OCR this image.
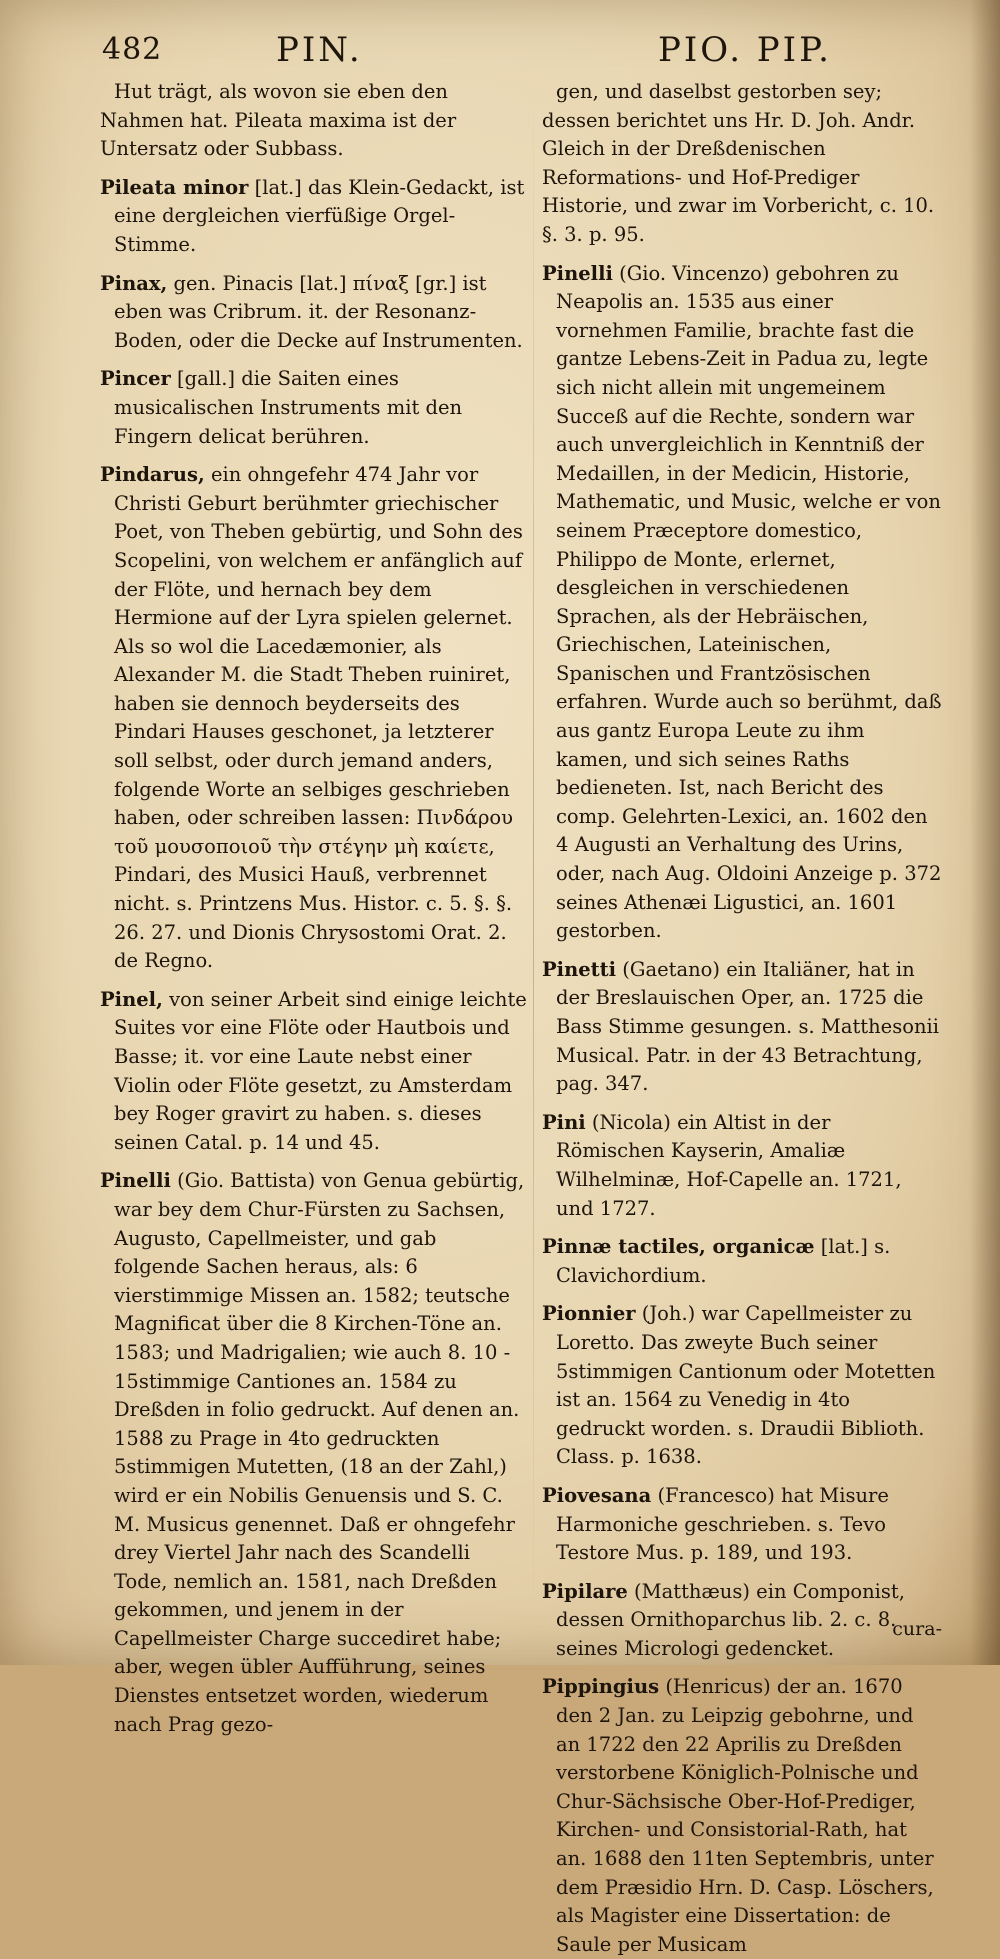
482	PIN.	PIO. PIP.

Hut trägt, als wovon sie eben den Nahmen hat. Pileata maxima ist der Untersatz oder Subbass.

Pileata minor [lat.] das Klein-Gedackt, ist eine dergleichen vierfüßige Orgel-Stimme.

Pinax, gen. Pinacis [lat.] πίναξ [gr.] ist eben was Cribrum. it. der Resonanz-Boden, oder die Decke auf Instrumenten.

Pincer [gall.] die Saiten eines musicalischen Instruments mit den Fingern delicat berühren.

Pindarus, ein ohngefehr 474 Jahr vor Christi Geburt berühmter griechischer Poet, von Theben gebürtig, und Sohn des Scopelini, von welchem er anfänglich auf der Flöte, und hernach bey dem Hermione auf der Lyra spielen gelernet. Als so wol die Lacedæmonier, als Alexander M. die Stadt Theben ruiniret, haben sie dennoch beyderseits des Pindari Hauses geschonet, ja letzterer soll selbst, oder durch jemand anders, folgende Worte an selbiges geschrieben haben, oder schreiben lassen: Πινδάρου τοῦ μουσοποιοῦ τὴν στέγην μὴ καίετε, Pindari, des Musici Hauß, verbrennet nicht. s. Printzens Mus. Histor. c. 5. §. §. 26. 27. und Dionis Chrysostomi Orat. 2. de Regno.

Pinel, von seiner Arbeit sind einige leichte Suites vor eine Flöte oder Hautbois und Basse; it. vor eine Laute nebst einer Violin oder Flöte gesetzt, zu Amsterdam bey Roger gravirt zu haben. s. dieses seinen Catal. p. 14 und 45.

Pinelli (Gio. Battista) von Genua gebürtig, war bey dem Chur-Fürsten zu Sachsen, Augusto, Capellmeister, und gab folgende Sachen heraus, als: 6 vierstimmige Missen an. 1582; teutsche Magnificat über die 8 Kirchen-Töne an. 1583; und Madrigalien; wie auch 8. 10 - 15stimmige Cantiones an. 1584 zu Dreßden in folio gedruckt. Auf denen an. 1588 zu Prage in 4to gedruckten 5stimmigen Mutetten, (18 an der Zahl,) wird er ein Nobilis Genuensis und S. C. M. Musicus genennet. Daß er ohngefehr drey Viertel Jahr nach des Scandelli Tode, nemlich an. 1581, nach Dreßden gekommen, und jenem in der Capellmeister Charge succediret habe; aber, wegen übler Aufführung, seines Dienstes entsetzet worden, wiederum nach Prag gezo-

gen, und daselbst gestorben sey; dessen berichtet uns Hr. D. Joh. Andr. Gleich in der Dreßdenischen Reformations- und Hof-Prediger Historie, und zwar im Vorbericht, c. 10. §. 3. p. 95.

Pinelli (Gio. Vincenzo) gebohren zu Neapolis an. 1535 aus einer vornehmen Familie, brachte fast die gantze Lebens-Zeit in Padua zu, legte sich nicht allein mit ungemeinem Succeß auf die Rechte, sondern war auch unvergleichlich in Kenntniß der Medaillen, in der Medicin, Historie, Mathematic, und Music, welche er von seinem Præceptore domestico, Philippo de Monte, erlernet, desgleichen in verschiedenen Sprachen, als der Hebräischen, Griechischen, Lateinischen, Spanischen und Frantzösischen erfahren. Wurde auch so berühmt, daß aus gantz Europa Leute zu ihm kamen, und sich seines Raths bedieneten. Ist, nach Bericht des comp. Gelehrten-Lexici, an. 1602 den 4 Augusti an Verhaltung des Urins, oder, nach Aug. Oldoini Anzeige p. 372 seines Athenæi Ligustici, an. 1601 gestorben.

Pinetti (Gaetano) ein Italiäner, hat in der Breslauischen Oper, an. 1725 die Bass Stimme gesungen. s. Matthesonii Musical. Patr. in der 43 Betrachtung, pag. 347.

Pini (Nicola) ein Altist in der Römischen Kayserin, Amaliæ Wilhelminæ, Hof-Capelle an. 1721, und 1727.

Pinnæ tactiles, organicæ [lat.] s. Clavichordium.

Pionnier (Joh.) war Capellmeister zu Loretto. Das zweyte Buch seiner 5stimmigen Cantionum oder Motetten ist an. 1564 zu Venedig in 4to gedruckt worden. s. Draudii Biblioth. Class. p. 1638.

Piovesana (Francesco) hat Misure Harmoniche geschrieben. s. Tevo Testore Mus. p. 189, und 193.

Pipilare (Matthæus) ein Componist, dessen Ornithoparchus lib. 2. c. 8. seines Micrologi gedencket.

Pippingius (Henricus) der an. 1670 den 2 Jan. zu Leipzig gebohrne, und an 1722 den 22 Aprilis zu Dreßden verstorbene Königlich-Polnische und Chur-Sächsische Ober-Hof-Prediger, Kirchen- und Consistorial-Rath, hat an. 1688 den 11ten Septembris, unter dem Præsidio Hrn. D. Casp. Löschers, als Magister eine Dissertation: de Saule per Musicam

cura-
